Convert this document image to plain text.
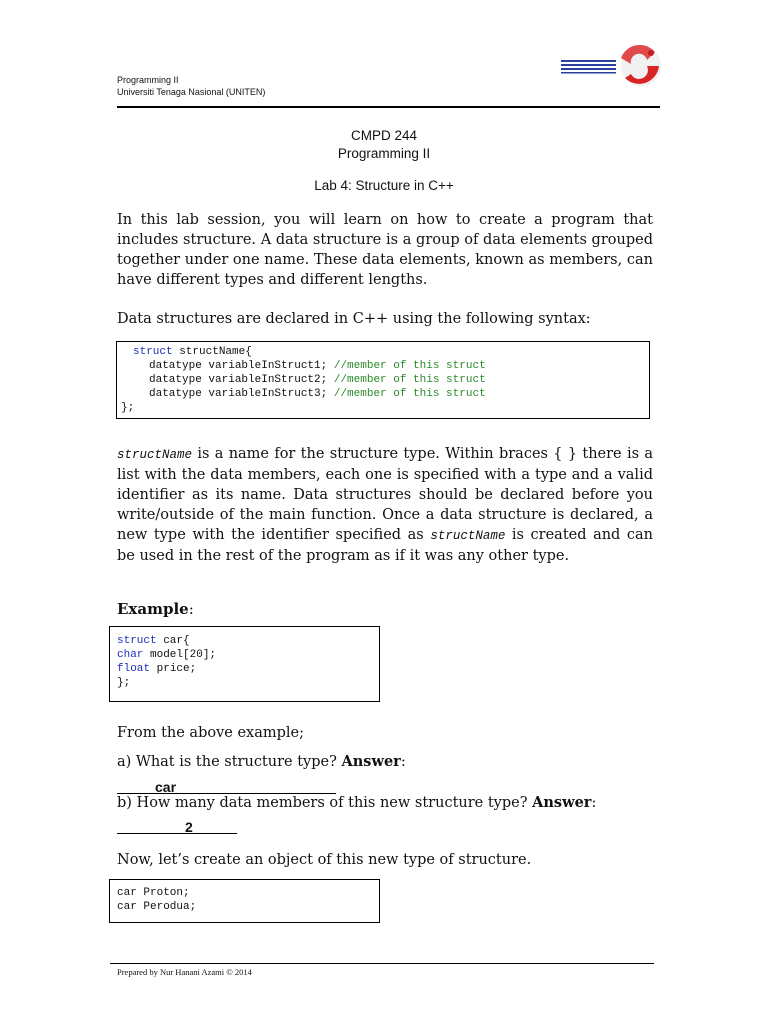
Programming II
Universiti Tenaga Nasional (UNITEN)
CMPD 244
Programming II
Lab 4: Structure in C++

In this lab session, you will learn on how to create a program that includes structure. A data structure is a group of data elements grouped together under one name. These data elements, known as members, can have different types and different lengths.

Data structures are declared in C++ using the following syntax:
struct structName{
datatype variableInStruct1; //member of this struct
datatype variableInStruct2; //member of this struct
datatype variableInStruct3; //member of this struct
};

structName is a name for the structure type. Within braces { } there is a list with the data members, each one is specified with a type and a valid identifier as its name. Data structures should be declared before you write/outside of the main function. Once a data structure is declared, a new type with the identifier specified as structName is created and can be used in the rest of the program as if it was any other type.

Example:
struct car{
char model[20];
float price;
};
From the above example;
a) What is the structure type? Answer:
car
b) How many data members of this new structure type? Answer:
2
Now, let’s create an object of this new type of structure.
car Proton;
car Perodua;
Prepared by Nur Hanani Azami © 2014
